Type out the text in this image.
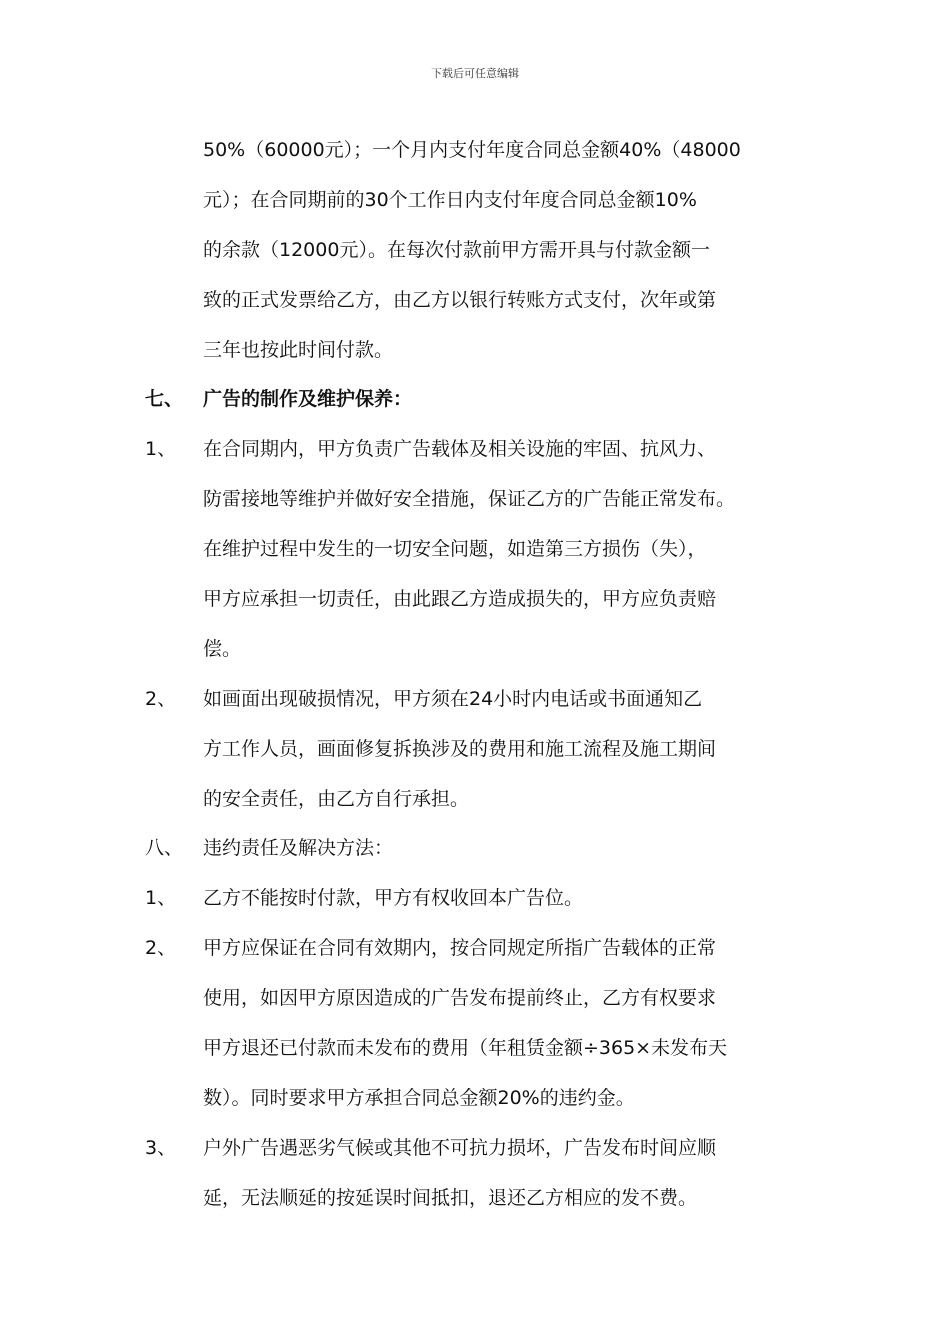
下载后可任意编辑
50%（60000元）；一个月内支付年度合同总金额40%（48000
元）；在合同期前的30个工作日内支付年度合同总金额10%
的余款（12000元）。在每次付款前甲方需开具与付款金额一
致的正式发票给乙方，由乙方以银行转账方式支付，次年或第
三年也按此时间付款。
七、 广告的制作及维护保养：
1、 在合同期内，甲方负责广告载体及相关设施的牢固、抗风力、
防雷接地等维护并做好安全措施，保证乙方的广告能正常发布。
在维护过程中发生的一切安全问题，如造第三方损伤（失），
甲方应承担一切责任，由此跟乙方造成损失的，甲方应负责赔
偿。
2、 如画面出现破损情况，甲方须在24小时内电话或书面通知乙
方工作人员，画面修复拆换涉及的费用和施工流程及施工期间
的安全责任，由乙方自行承担。
八、 违约责任及解决方法：
1、 乙方不能按时付款，甲方有权收回本广告位。
2、 甲方应保证在合同有效期内，按合同规定所指广告载体的正常
使用，如因甲方原因造成的广告发布提前终止，乙方有权要求
甲方退还已付款而未发布的费用（年租赁金额÷365×未发布天
数）。同时要求甲方承担合同总金额20%的违约金。
3、 户外广告遇恶劣气候或其他不可抗力损坏，广告发布时间应顺
延，无法顺延的按延误时间抵扣，退还乙方相应的发不费。
